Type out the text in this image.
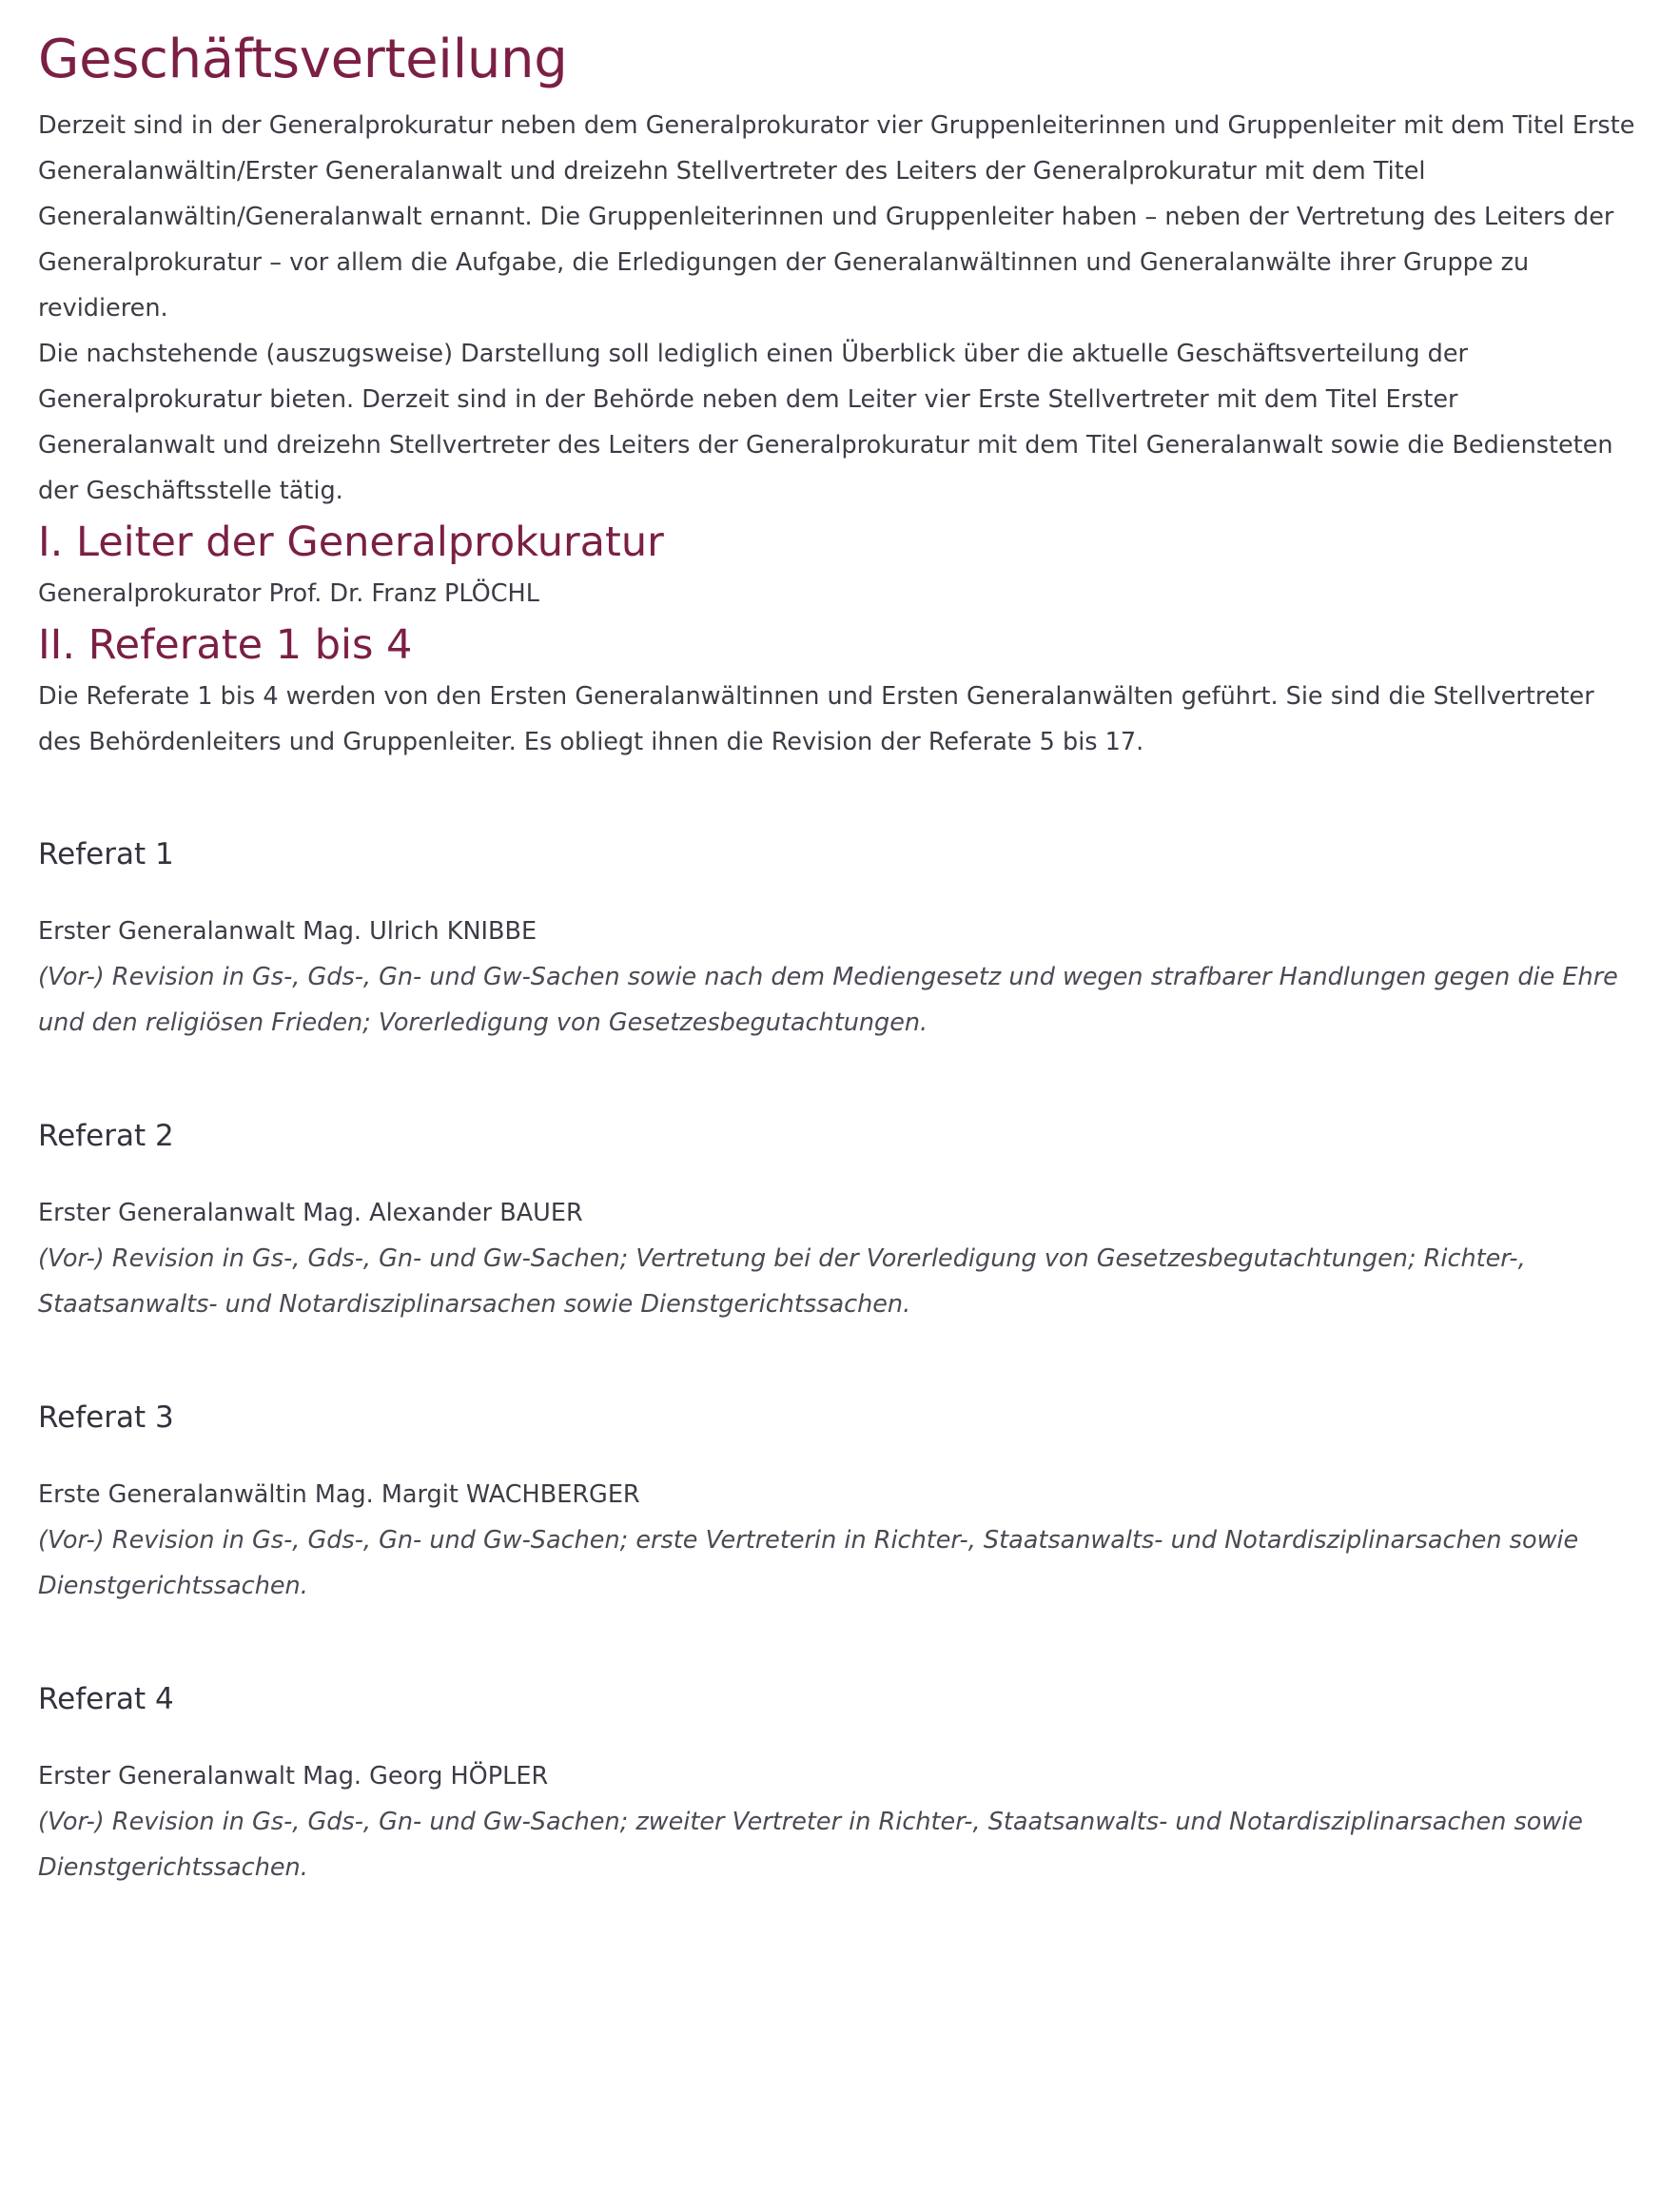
Geschäftsverteilung

Derzeit sind in der Generalprokuratur neben dem Generalprokurator vier Gruppenleiterinnen und Gruppenleiter mit dem Titel Erste Generalanwältin/Erster Generalanwalt und dreizehn Stellvertreter des Leiters der Generalprokuratur mit dem Titel Generalanwältin/Generalanwalt ernannt. Die Gruppenleiterinnen und Gruppenleiter haben – neben der Vertretung des Leiters der Generalprokuratur – vor allem die Aufgabe, die Erledigungen der Generalanwältinnen und Generalanwälte ihrer Gruppe zu revidieren.

Die nachstehende (auszugsweise) Darstellung soll lediglich einen Überblick über die aktuelle Geschäftsverteilung der Generalprokuratur bieten. Derzeit sind in der Behörde neben dem Leiter vier Erste Stellvertreter mit dem Titel Erster Generalanwalt und dreizehn Stellvertreter des Leiters der Generalprokuratur mit dem Titel Generalanwalt sowie die Bediensteten der Geschäftsstelle tätig.

I. Leiter der Generalprokuratur

Generalprokurator Prof. Dr. Franz PLÖCHL

II. Referate 1 bis 4

Die Referate 1 bis 4 werden von den Ersten Generalanwältinnen und Ersten Generalanwälten geführt. Sie sind die Stellvertreter des Behördenleiters und Gruppenleiter. Es obliegt ihnen die Revision der Referate 5 bis 17.

Referat 1

Erster Generalanwalt Mag. Ulrich KNIBBE

(Vor-) Revision in Gs-, Gds-, Gn- und Gw-Sachen sowie nach dem Mediengesetz und wegen strafbarer Handlungen gegen die Ehre und den religiösen Frieden; Vorerledigung von Gesetzesbegutachtungen.

Referat 2

Erster Generalanwalt Mag. Alexander BAUER

(Vor-) Revision in Gs-, Gds-, Gn- und Gw-Sachen; Vertretung bei der Vorerledigung von Gesetzesbegutachtungen; Richter-, Staatsanwalts- und Notardisziplinarsachen sowie Dienstgerichtssachen.

Referat 3

Erste Generalanwältin Mag. Margit WACHBERGER

(Vor-) Revision in Gs-, Gds-, Gn- und Gw-Sachen; erste Vertreterin in Richter-, Staatsanwalts- und Notardisziplinarsachen sowie Dienstgerichtssachen.

Referat 4

Erster Generalanwalt Mag. Georg HÖPLER

(Vor-) Revision in Gs-, Gds-, Gn- und Gw-Sachen; zweiter Vertreter in Richter-, Staatsanwalts- und Notardisziplinarsachen sowie Dienstgerichtssachen.
